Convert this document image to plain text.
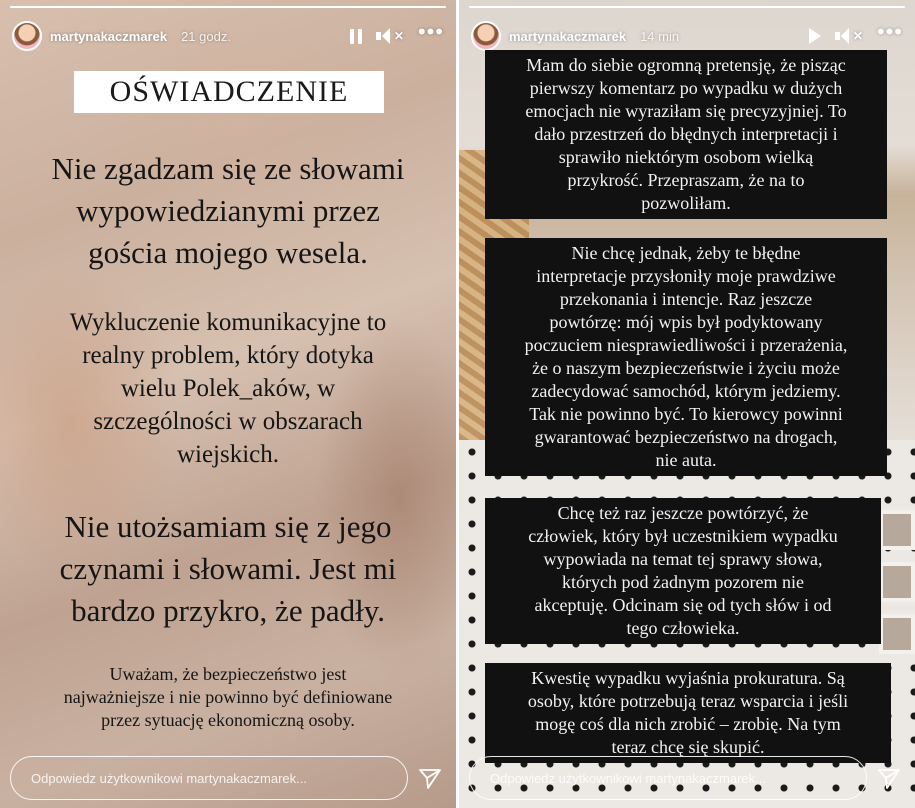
martynakaczmarek 21 godz.	✕ •••
OŚWIADCZENIE
Nie zgadzam się ze słowami
wypowiedzianymi przez
gościa mojego wesela.
Wykluczenie komunikacyjne to
realny problem, który dotyka
wielu Polek_aków, w
szczególności w obszarach
wiejskich.
Nie utożsamiam się z jego
czynami i słowami. Jest mi
bardzo przykro, że padły.
Uważam, że bezpieczeństwo jest
najważniejsze i nie powinno być definiowane
przez sytuację ekonomiczną osoby.
Odpowiedz użytkownikowi martynakaczmarek...
martynakaczmarek 14 min	✕ •••
Mam do siebie ogromną pretensję, że pisząc
pierwszy komentarz po wypadku w dużych
emocjach nie wyraziłam się precyzyjniej. To
dało przestrzeń do błędnych interpretacji i
sprawiło niektórym osobom wielką
przykrość. Przepraszam, że na to
pozwoliłam.
Nie chcę jednak, żeby te błędne
interpretacje przysłoniły moje prawdziwe
przekonania i intencje. Raz jeszcze
powtórzę: mój wpis był podyktowany
poczuciem niesprawiedliwości i przerażenia,
że o naszym bezpieczeństwie i życiu może
zadecydować samochód, którym jedziemy.
Tak nie powinno być. To kierowcy powinni
gwarantować bezpieczeństwo na drogach,
nie auta.
Chcę też raz jeszcze powtórzyć, że
człowiek, który był uczestnikiem wypadku
wypowiada na temat tej sprawy słowa,
których pod żadnym pozorem nie
akceptuję. Odcinam się od tych słów i od
tego człowieka.
Kwestię wypadku wyjaśnia prokuratura. Są
osoby, które potrzebują teraz wsparcia i jeśli
mogę coś dla nich zrobić – zrobię. Na tym
teraz chcę się skupić.
Odpowiedz użytkownikowi martynakaczmarek...
